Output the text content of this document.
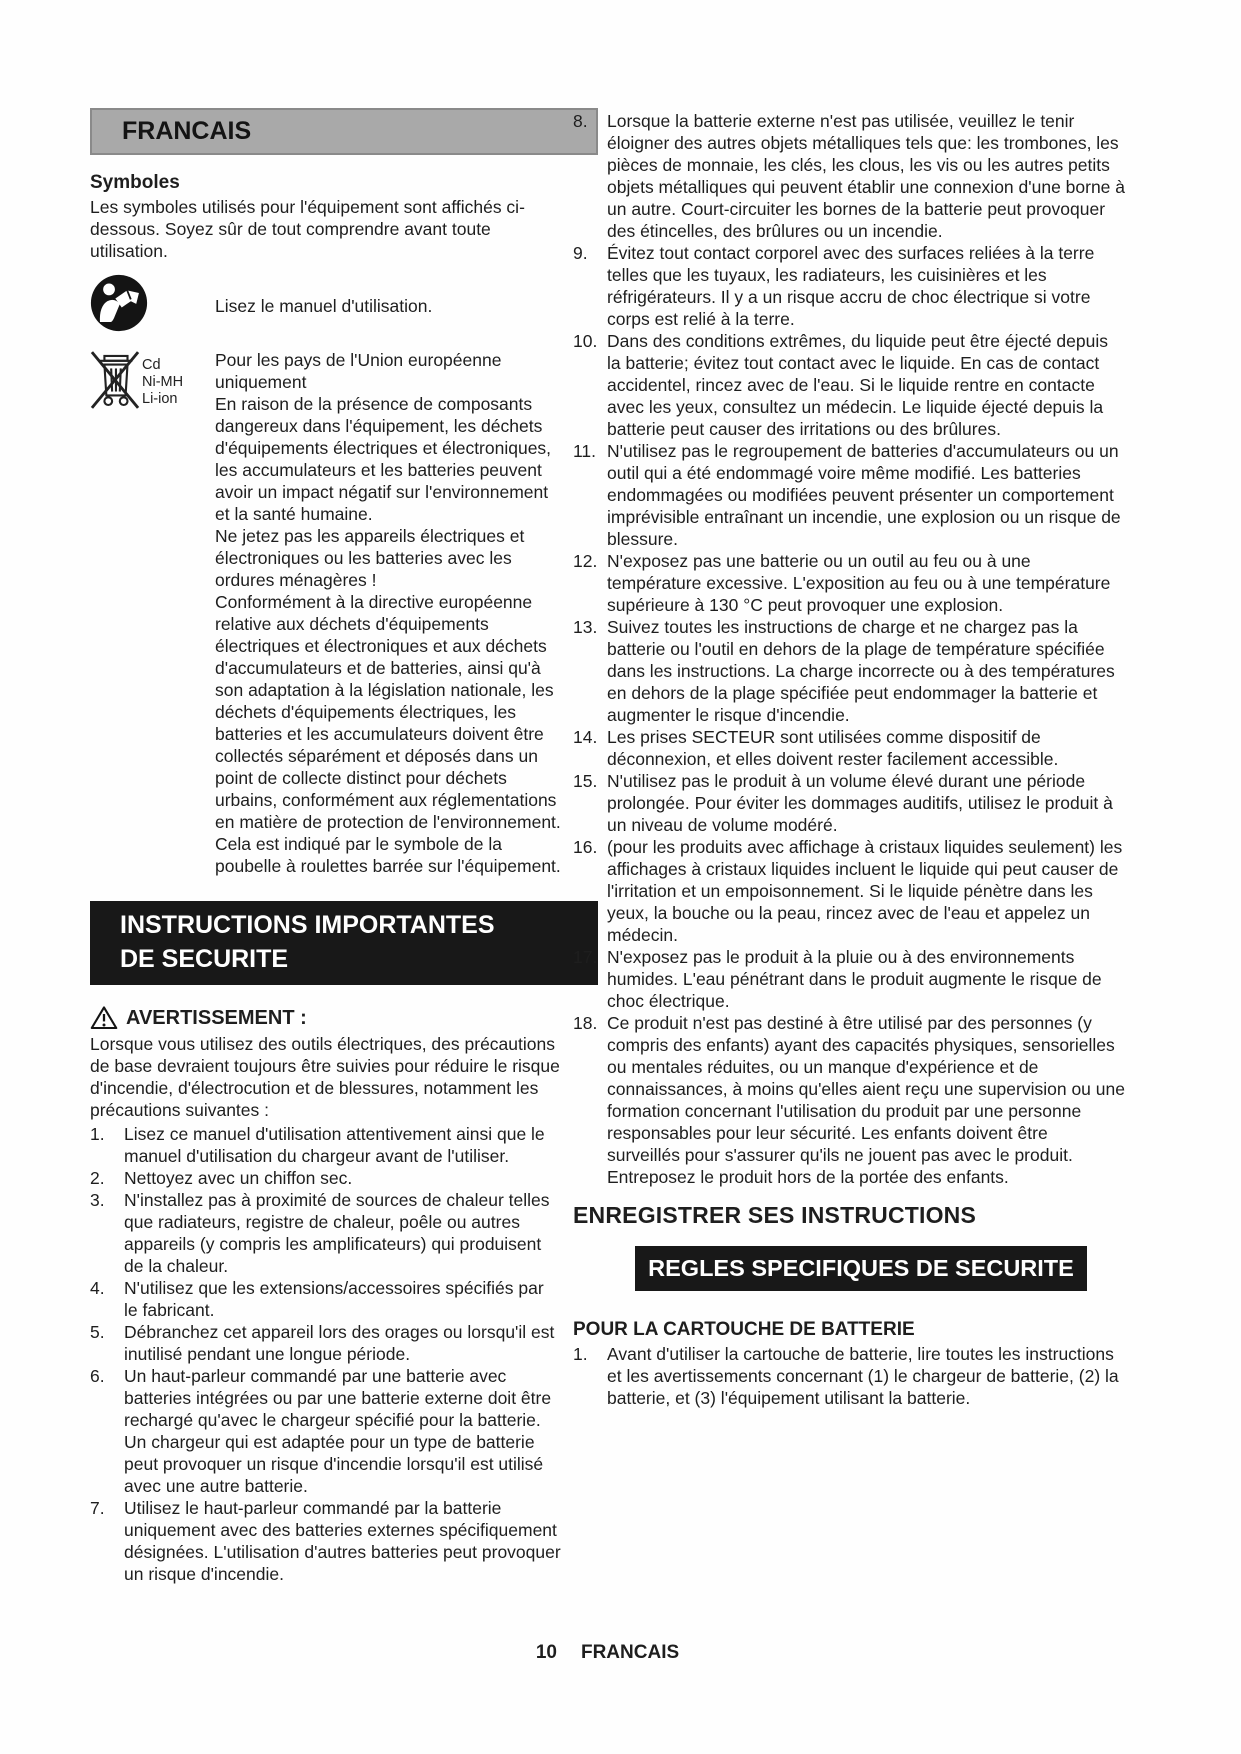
FRANCAIS
Symboles
Les symboles utilisés pour l'équipement sont affichés ci-dessous. Soyez sûr de tout comprendre avant toute utilisation.
Lisez le manuel d'utilisation.
Cd
Ni-MH
Li-ion

Pour les pays de l'Union européenne uniquement

En raison de la présence de composants dangereux dans l'équipement, les déchets d'équipements électriques et électroniques, les accumulateurs et les batteries peuvent avoir un impact négatif sur l'environnement et la santé humaine.

Ne jetez pas les appareils électriques et électroniques ou les batteries avec les ordures ménagères !

Conformément à la directive européenne relative aux déchets d'équipements électriques et électroniques et aux déchets d'accumulateurs et de batteries, ainsi qu'à son adaptation à la législation nationale, les déchets d'équipements électriques, les batteries et les accumulateurs doivent être collectés séparément et déposés dans un point de collecte distinct pour déchets urbains, conformément aux réglementations en matière de protection de l'environnement.

Cela est indiqué par le symbole de la poubelle à roulettes barrée sur l'équipement.

INSTRUCTIONS IMPORTANTES
DE SECURITE
AVERTISSEMENT :
Lorsque vous utilisez des outils électriques, des précautions de base devraient toujours être suivies pour réduire le risque d'incendie, d'électrocution et de blessures, notamment les précautions suivantes :
1.	Lisez ce manuel d'utilisation attentivement ainsi que le manuel d'utilisation du chargeur avant de l'utiliser.
2.	Nettoyez avec un chiffon sec.
3.	N'installez pas à proximité de sources de chaleur telles que radiateurs, registre de chaleur, poêle ou autres appareils (y compris les amplificateurs) qui produisent de la chaleur.
4.	N'utilisez que les extensions/accessoires spécifiés par le fabricant.
5.	Débranchez cet appareil lors des orages ou lorsqu'il est inutilisé pendant une longue période.
6.	Un haut-parleur commandé par une batterie avec batteries intégrées ou par une batterie externe doit être rechargé qu'avec le chargeur spécifié pour la batterie. Un chargeur qui est adaptée pour un type de batterie peut provoquer un risque d'incendie lorsqu'il est utilisé avec une autre batterie.
7.	Utilisez le haut-parleur commandé par la batterie uniquement avec des batteries externes spécifiquement désignées. L'utilisation d'autres batteries peut provoquer un risque d'incendie.
8.	Lorsque la batterie externe n'est pas utilisée, veuillez le tenir éloigner des autres objets métalliques tels que: les trombones, les pièces de monnaie, les clés, les clous, les vis ou les autres petits objets métalliques qui peuvent établir une connexion d'une borne à un autre. Court-circuiter les bornes de la batterie peut provoquer des étincelles, des brûlures ou un incendie.
9.	Évitez tout contact corporel avec des surfaces reliées à la terre telles que les tuyaux, les radiateurs, les cuisinières et les réfrigérateurs. Il y a un risque accru de choc électrique si votre corps est relié à la terre.
10. Dans des conditions extrêmes, du liquide peut être éjecté depuis la batterie; évitez tout contact avec le liquide. En cas de contact accidentel, rincez avec de l'eau. Si le liquide rentre en contacte avec les yeux, consultez un médecin. Le liquide éjecté depuis la batterie peut causer des irritations ou des brûlures.
11. N'utilisez pas le regroupement de batteries d'accumulateurs ou un outil qui a été endommagé voire même modifié. Les batteries endommagées ou modifiées peuvent présenter un comportement imprévisible entraînant un incendie, une explosion ou un risque de blessure.
12. N'exposez pas une batterie ou un outil au feu ou à une température excessive. L'exposition au feu ou à une température supérieure à 130 °C peut provoquer une explosion.
13. Suivez toutes les instructions de charge et ne chargez pas la batterie ou l'outil en dehors de la plage de température spécifiée dans les instructions. La charge incorrecte ou à des températures en dehors de la plage spécifiée peut endommager la batterie et augmenter le risque d'incendie.
14. Les prises SECTEUR sont utilisées comme dispositif de déconnexion, et elles doivent rester facilement accessible.
15. N'utilisez pas le produit à un volume élevé durant une période prolongée. Pour éviter les dommages auditifs, utilisez le produit à un niveau de volume modéré.
16. (pour les produits avec affichage à cristaux liquides seulement) les affichages à cristaux liquides incluent le liquide qui peut causer de l'irritation et un empoisonnement. Si le liquide pénètre dans les yeux, la bouche ou la peau, rincez avec de l'eau et appelez un médecin.
17. N'exposez pas le produit à la pluie ou à des environnements humides. L'eau pénétrant dans le produit augmente le risque de choc électrique.
18. Ce produit n'est pas destiné à être utilisé par des personnes (y compris des enfants) ayant des capacités physiques, sensorielles ou mentales réduites, ou un manque d'expérience et de connaissances, à moins qu'elles aient reçu une supervision ou une formation concernant l'utilisation du produit par une personne responsables pour leur sécurité. Les enfants doivent être surveillés pour s'assurer qu'ils ne jouent pas avec le produit. Entreposez le produit hors de la portée des enfants.
ENREGISTRER SES INSTRUCTIONS
REGLES SPECIFIQUES DE SECURITE
POUR LA CARTOUCHE DE BATTERIE
1.	Avant d'utiliser la cartouche de batterie, lire toutes les instructions et les avertissements concernant (1) le chargeur de batterie, (2) la batterie, et (3) l'équipement utilisant la batterie.
10 FRANCAIS
